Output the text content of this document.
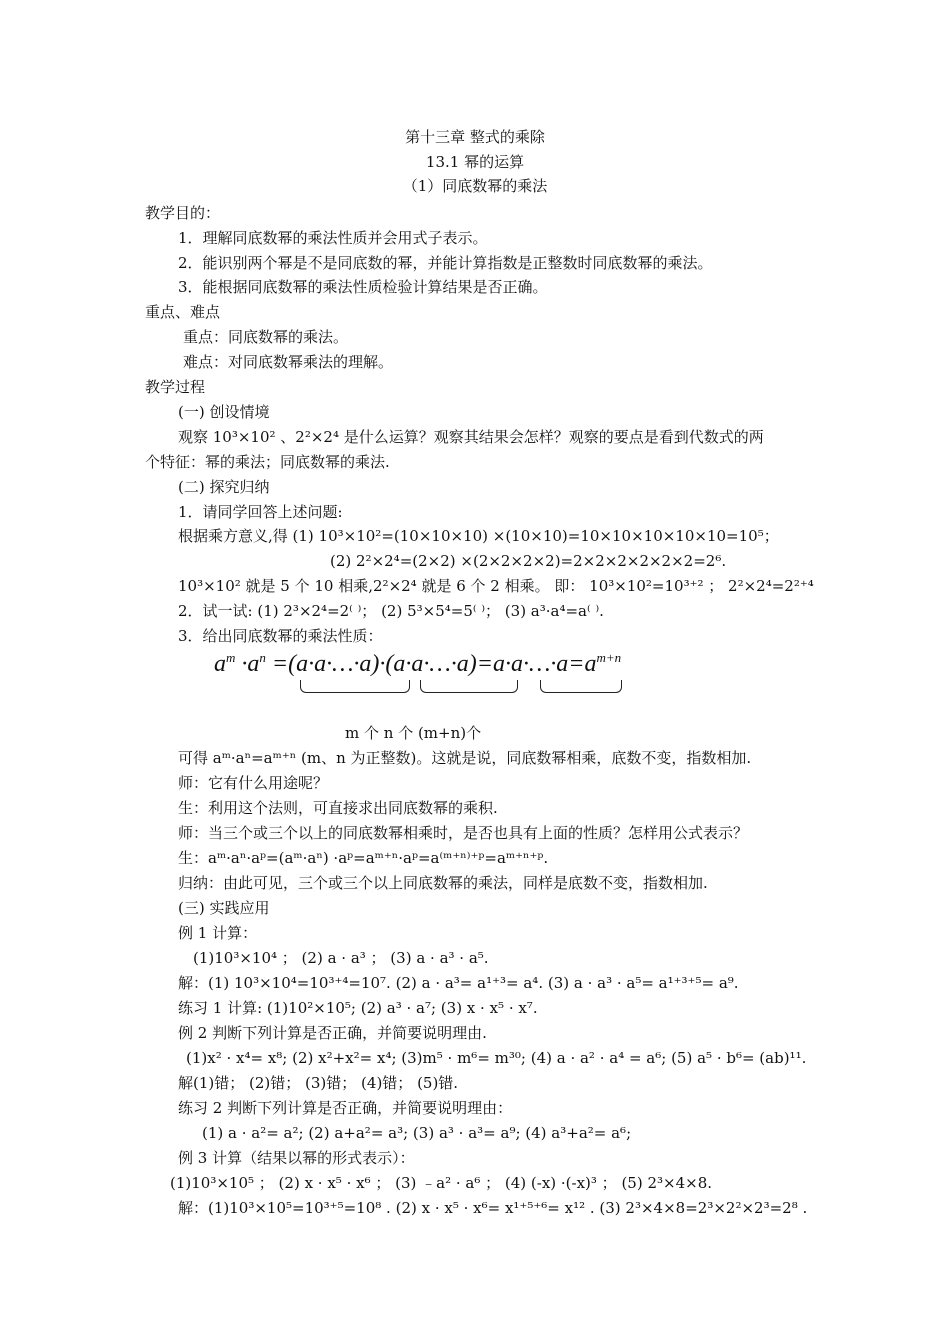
第十三章 整式的乘除
13.1 幂的运算
（1）同底数幂的乘法
教学目的：
1．理解同底数幂的乘法性质并会用式子表示。
2．能识别两个幂是不是同底数的幂，并能计算指数是正整数时同底数幂的乘法。
3．能根据同底数幂的乘法性质检验计算结果是否正确。
重点、难点
重点：同底数幂的乘法。
难点：对同底数幂乘法的理解。
教学过程
(一) 创设情境
观察 10³×10² 、2²×2⁴ 是什么运算？观察其结果会怎样？观察的要点是看到代数式的两
个特征：幂的乘法；同底数幂的乘法.
(二) 探究归纳
1．请同学回答上述问题:
根据乘方意义,得 (1) 10³×10²=(10×10×10) ×(10×10)=10×10×10×10×10=10⁵；
(2) 2²×2⁴=(2×2) ×(2×2×2×2)=2×2×2×2×2×2=2⁶.
10³×10² 就是 5 个 10 相乘,2²×2⁴ 就是 6 个 2 相乘。 即： 10³×10²=10³⁺² ； 2²×2⁴=2²⁺⁴
2．试一试: (1) 2³×2⁴=2⁽ ⁾； (2) 5³×5⁴=5⁽ ⁾； (3) a³·a⁴=a⁽ ⁾.
3．给出同底数幂的乘法性质：
$a^m \cdot a^n$ $=(a\cdot a\cdot\dots\cdot a)\cdot(a\cdot a\cdot\dots\cdot a)=a\cdot a\cdot\dots\cdot a=a^{m+n}$
m 个 n 个 (m+n)个
可得 aᵐ·aⁿ=aᵐ⁺ⁿ (m、n 为正整数)。这就是说，同底数幂相乘，底数不变，指数相加.
师：它有什么用途呢？
生：利用这个法则，可直接求出同底数幂的乘积.
师：当三个或三个以上的同底数幂相乘时，是否也具有上面的性质？怎样用公式表示？
生：aᵐ·aⁿ·aᵖ=(aᵐ·aⁿ) ·aᵖ=aᵐ⁺ⁿ·aᵖ=a⁽ᵐ⁺ⁿ⁾⁺ᵖ=aᵐ⁺ⁿ⁺ᵖ.
归纳：由此可见，三个或三个以上同底数幂的乘法，同样是底数不变，指数相加.
(三) 实践应用
例 1 计算：
(1)10³×10⁴ ； (2) a · a³ ； (3) a · a³ · a⁵.
解：(1) 10³×10⁴=10³⁺⁴=10⁷. (2) a · a³= a¹⁺³= a⁴. (3) a · a³ · a⁵= a¹⁺³⁺⁵= a⁹.
练习 1 计算: (1)10²×10⁵; (2) a³ · a⁷; (3) x · x⁵ · x⁷.
例 2 判断下列计算是否正确，并简要说明理由.
(1)x² · x⁴= x⁸; (2) x²+x²= x⁴; (3)m⁵ · m⁶= m³⁰; (4) a · a² · a⁴ = a⁶; (5) a⁵ · b⁶= (ab)¹¹.
解(1)错； (2)错； (3)错； (4)错； (5)错.
练习 2 判断下列计算是否正确，并简要说明理由：
(1) a · a²= a²; (2) a+a²= a³; (3) a³ · a³= a⁹; (4) a³+a²= a⁶;
例 3 计算（结果以幂的形式表示）：
(1)10³×10⁵ ； (2) x · x⁵ · x⁶ ； (3) ﹣a² · a⁶ ； (4) (-x) ·(-x)³ ； (5) 2³×4×8.
解：(1)10³×10⁵=10³⁺⁵=10⁸ . (2) x · x⁵ · x⁶= x¹⁺⁵⁺⁶= x¹² . (3) 2³×4×8=2³×2²×2³=2⁸ .
